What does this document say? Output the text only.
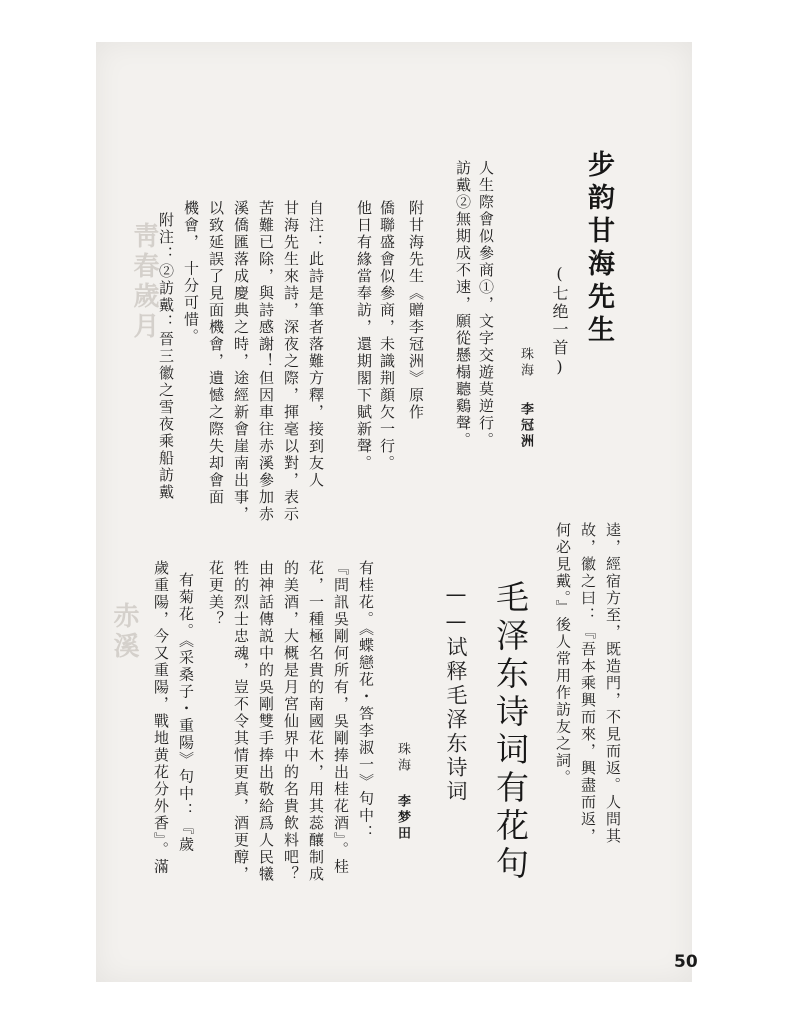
靑春歲月
赤溪
步韵甘海先生
(七绝一首)
珠海
李冠洲
人生際會似參商①，文字交遊莫逆行。
訪戴②無期成不速，願從懸榻聽鷄聲。
附甘海先生《贈李冠洲》原作
僑聯盛會似參商，未識荆顔欠一行。
他日有緣當奉訪，還期閣下賦新聲。
自注：此詩是筆者落難方釋，接到友人
甘海先生來詩，深夜之際，揮毫以對，表示
苦難已除，與詩感謝！但因車往赤溪參加赤
溪僑匯落成慶典之時，途經新會崖南出事，
以致延誤了見面機會，遺憾之際失却會面
機會，　十分可惜。
附注：②訪戴：晉三徽之雪夜乘船訪戴
逵，經宿方至，既造門，不見而返。人問其
故，徽之曰：『吾本乘興而來，興盡而返，
何必見戴。』後人常用作訪友之詞。
毛泽东诗词有花句
——试释毛泽东诗词
珠海
李梦田
有桂花。《蝶戀花・答李淑一》句中：
『問訊吳剛何所有，吳剛捧出桂花酒』。桂
花，一種極名貴的南國花木，用其蕊釀制成
的美酒，大概是月宮仙界中的名貴飲料吧？
由神話傳説中的吳剛雙手捧出敬給爲人民犧
牲的烈士忠魂，豈不令其情更真，酒更醇，
花更美？
有菊花。《采桑子・重陽》句中：『歲
歲重陽，今又重陽，戰地黄花分外香』。滿
50
